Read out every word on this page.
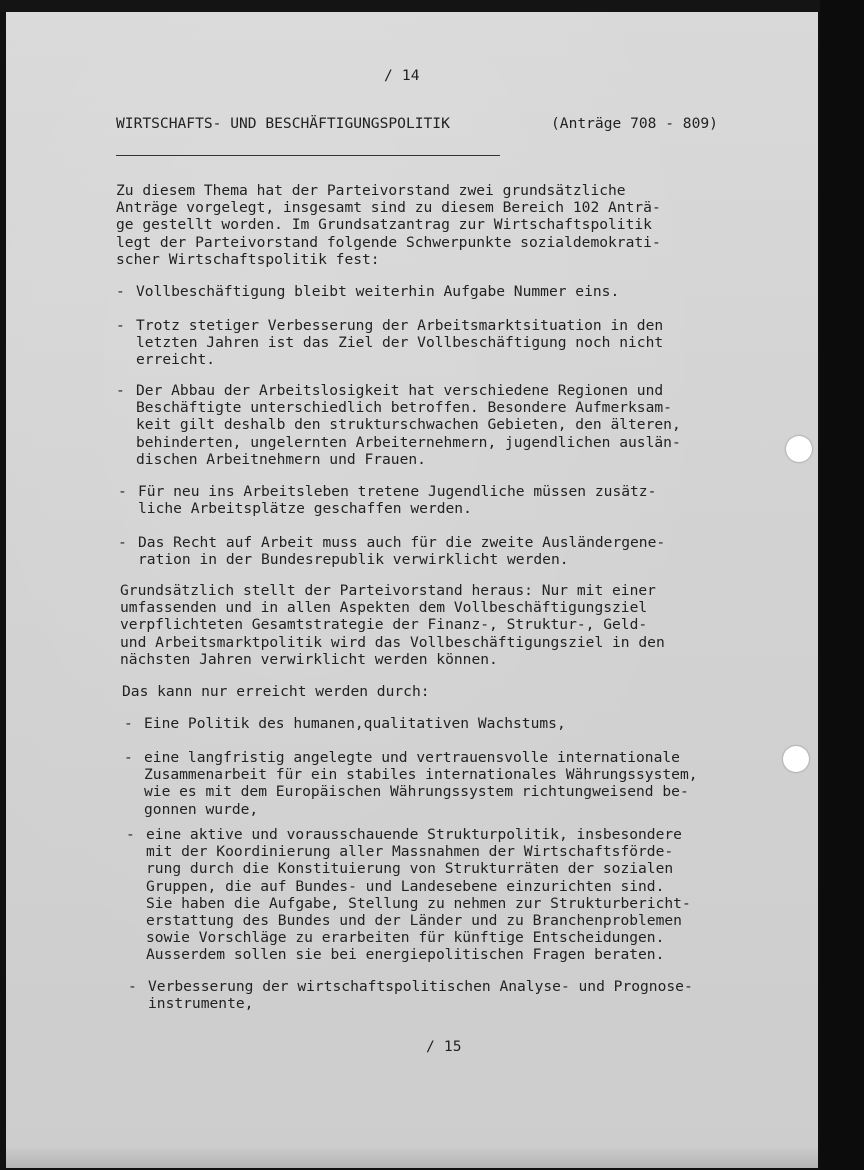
/ 14
WIRTSCHAFTS- UND BESCHÄFTIGUNGSPOLITIK	(Anträge 708 - 809)
Zu diesem Thema hat der Parteivorstand zwei grundsätzliche
Anträge vorgelegt, insgesamt sind zu diesem Bereich 102 Anträ-
ge gestellt worden. Im Grundsatzantrag zur Wirtschaftspolitik
legt der Parteivorstand folgende Schwerpunkte sozialdemokrati-
scher Wirtschaftspolitik fest:
- Vollbeschäftigung bleibt weiterhin Aufgabe Nummer eins.
- Trotz stetiger Verbesserung der Arbeitsmarktsituation in den
letzten Jahren ist das Ziel der Vollbeschäftigung noch nicht
erreicht.
- Der Abbau der Arbeitslosigkeit hat verschiedene Regionen und
Beschäftigte unterschiedlich betroffen. Besondere Aufmerksam-
keit gilt deshalb den strukturschwachen Gebieten, den älteren,
behinderten, ungelernten Arbeiternehmern, jugendlichen auslän-
dischen Arbeitnehmern und Frauen.
- Für neu ins Arbeitsleben tretene Jugendliche müssen zusätz-
liche Arbeitsplätze geschaffen werden.
- Das Recht auf Arbeit muss auch für die zweite Ausländergene-
ration in der Bundesrepublik verwirklicht werden.
Grundsätzlich stellt der Parteivorstand heraus: Nur mit einer
umfassenden und in allen Aspekten dem Vollbeschäftigungsziel
verpflichteten Gesamtstrategie der Finanz-, Struktur-, Geld-
und Arbeitsmarktpolitik wird das Vollbeschäftigungsziel in den
nächsten Jahren verwirklicht werden können.
Das kann nur erreicht werden durch:
- Eine Politik des humanen,qualitativen Wachstums,
- eine langfristig angelegte und vertrauensvolle internationale
Zusammenarbeit für ein stabiles internationales Währungssystem,
wie es mit dem Europäischen Währungssystem richtungweisend be-
gonnen wurde,
- eine aktive und vorausschauende Strukturpolitik, insbesondere
mit der Koordinierung aller Massnahmen der Wirtschaftsförde-
rung durch die Konstituierung von Strukturräten der sozialen
Gruppen, die auf Bundes- und Landesebene einzurichten sind.
Sie haben die Aufgabe, Stellung zu nehmen zur Strukturbericht-
erstattung des Bundes und der Länder und zu Branchenproblemen
sowie Vorschläge zu erarbeiten für künftige Entscheidungen.
Ausserdem sollen sie bei energiepolitischen Fragen beraten.
- Verbesserung der wirtschaftspolitischen Analyse- und Prognose-
instrumente,
/ 15
